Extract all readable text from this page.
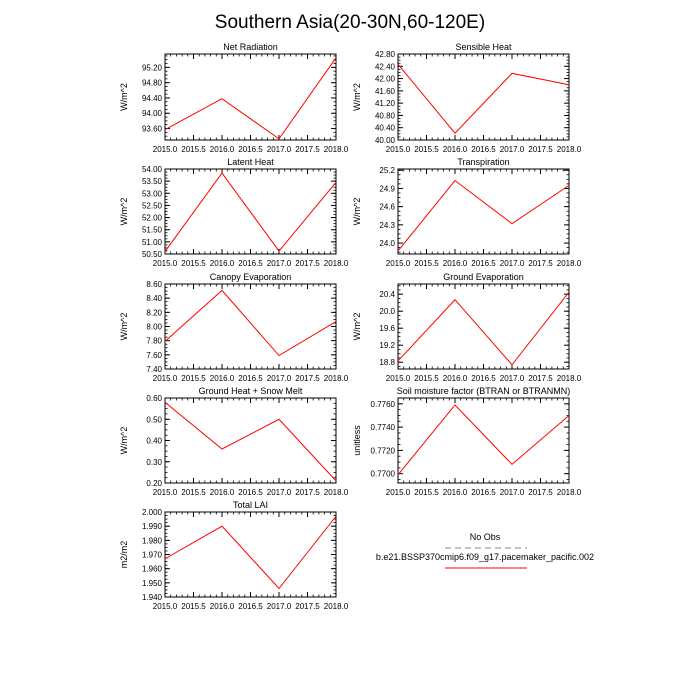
Southern Asia(20-30N,60-120E)
Net Radiation
W/m^2
2015.0 2015.5 2016.0 2016.5 2017.0 2017.5 2018.0
93.60
94.00
94.40
94.80
95.20
Sensible Heat
W/m^2
2015.0 2015.5 2016.0 2016.5 2017.0 2017.5 2018.0
40.00
40.40
40.80
41.20
41.60
42.00
42.40
42.80
Latent Heat
W/m^2
2015.0 2015.5 2016.0 2016.5 2017.0 2017.5 2018.0
50.50
51.00
51.50
52.00
52.50
53.00
53.50
54.00
Transpiration
W/m^2
2015.0 2015.5 2016.0 2016.5 2017.0 2017.5 2018.0
24.0
24.3
24.6
24.9
25.2
Canopy Evaporation
W/m^2
2015.0 2015.5 2016.0 2016.5 2017.0 2017.5 2018.0
7.40
7.60
7.80
8.00
8.20
8.40
8.60
Ground Evaporation
W/m^2
2015.0 2015.5 2016.0 2016.5 2017.0 2017.5 2018.0
18.8
19.2
19.6
20.0
20.4
Ground Heat + Snow Melt
W/m^2
2015.0 2015.5 2016.0 2016.5 2017.0 2017.5 2018.0
0.20
0.30
0.40
0.50
0.60
Soil moisture factor (BTRAN or BTRANMN)
unitless
2015.0 2015.5 2016.0 2016.5 2017.0 2017.5 2018.0
0.7700
0.7720
0.7740
0.7760
Total LAI
m2/m2
2015.0 2015.5 2016.0 2016.5 2017.0 2017.5 2018.0
1.940
1.950
1.960
1.970
1.980
1.990
2.000
No Obs
b.e21.BSSP370cmip6.f09_g17.pacemaker_pacific.002
